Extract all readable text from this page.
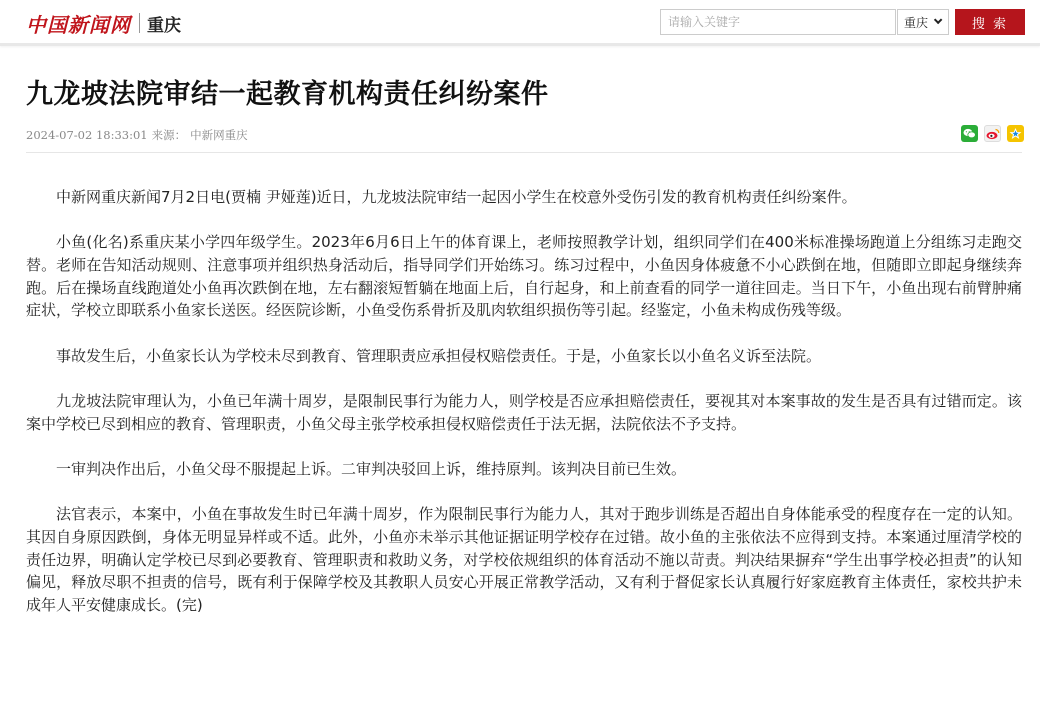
中国新闻网 重庆
请输入关键字	重庆	搜 索
九龙坡法院审结一起教育机构责任纠纷案件
2024-07-02 18:33:01 来源： 中新网重庆

中新网重庆新闻7月2日电(贾楠 尹娅莲)近日，九龙坡法院审结一起因小学生在校意外受伤引发的教育机构责任纠纷案件。

小鱼(化名)系重庆某小学四年级学生。2023年6月6日上午的体育课上，老师按照教学计划，组织同学们在400米标准操场跑道上分组练习走跑交替。老师在告知活动规则、注意事项并组织热身活动后，指导同学们开始练习。练习过程中，小鱼因身体疲惫不小心跌倒在地，但随即立即起身继续奔跑。后在操场直线跑道处小鱼再次跌倒在地，左右翻滚短暂躺在地面上后，自行起身，和上前查看的同学一道往回走。当日下午，小鱼出现右前臂肿痛症状，学校立即联系小鱼家长送医。经医院诊断，小鱼受伤系骨折及肌肉软组织损伤等引起。经鉴定，小鱼未构成伤残等级。

事故发生后，小鱼家长认为学校未尽到教育、管理职责应承担侵权赔偿责任。于是，小鱼家长以小鱼名义诉至法院。

九龙坡法院审理认为，小鱼已年满十周岁，是限制民事行为能力人，则学校是否应承担赔偿责任，要视其对本案事故的发生是否具有过错而定。该案中学校已尽到相应的教育、管理职责，小鱼父母主张学校承担侵权赔偿责任于法无据，法院依法不予支持。

一审判决作出后，小鱼父母不服提起上诉。二审判决驳回上诉，维持原判。该判决目前已生效。

法官表示，本案中，小鱼在事故发生时已年满十周岁，作为限制民事行为能力人，其对于跑步训练是否超出自身体能承受的程度存在一定的认知。其因自身原因跌倒，身体无明显异样或不适。此外，小鱼亦未举示其他证据证明学校存在过错。故小鱼的主张依法不应得到支持。本案通过厘清学校的责任边界，明确认定学校已尽到必要教育、管理职责和救助义务，对学校依规组织的体育活动不施以苛责。判决结果摒弃“学生出事学校必担责”的认知偏见，释放尽职不担责的信号，既有利于保障学校及其教职人员安心开展正常教学活动，又有利于督促家长认真履行好家庭教育主体责任，家校共护未成年人平安健康成长。(完)
